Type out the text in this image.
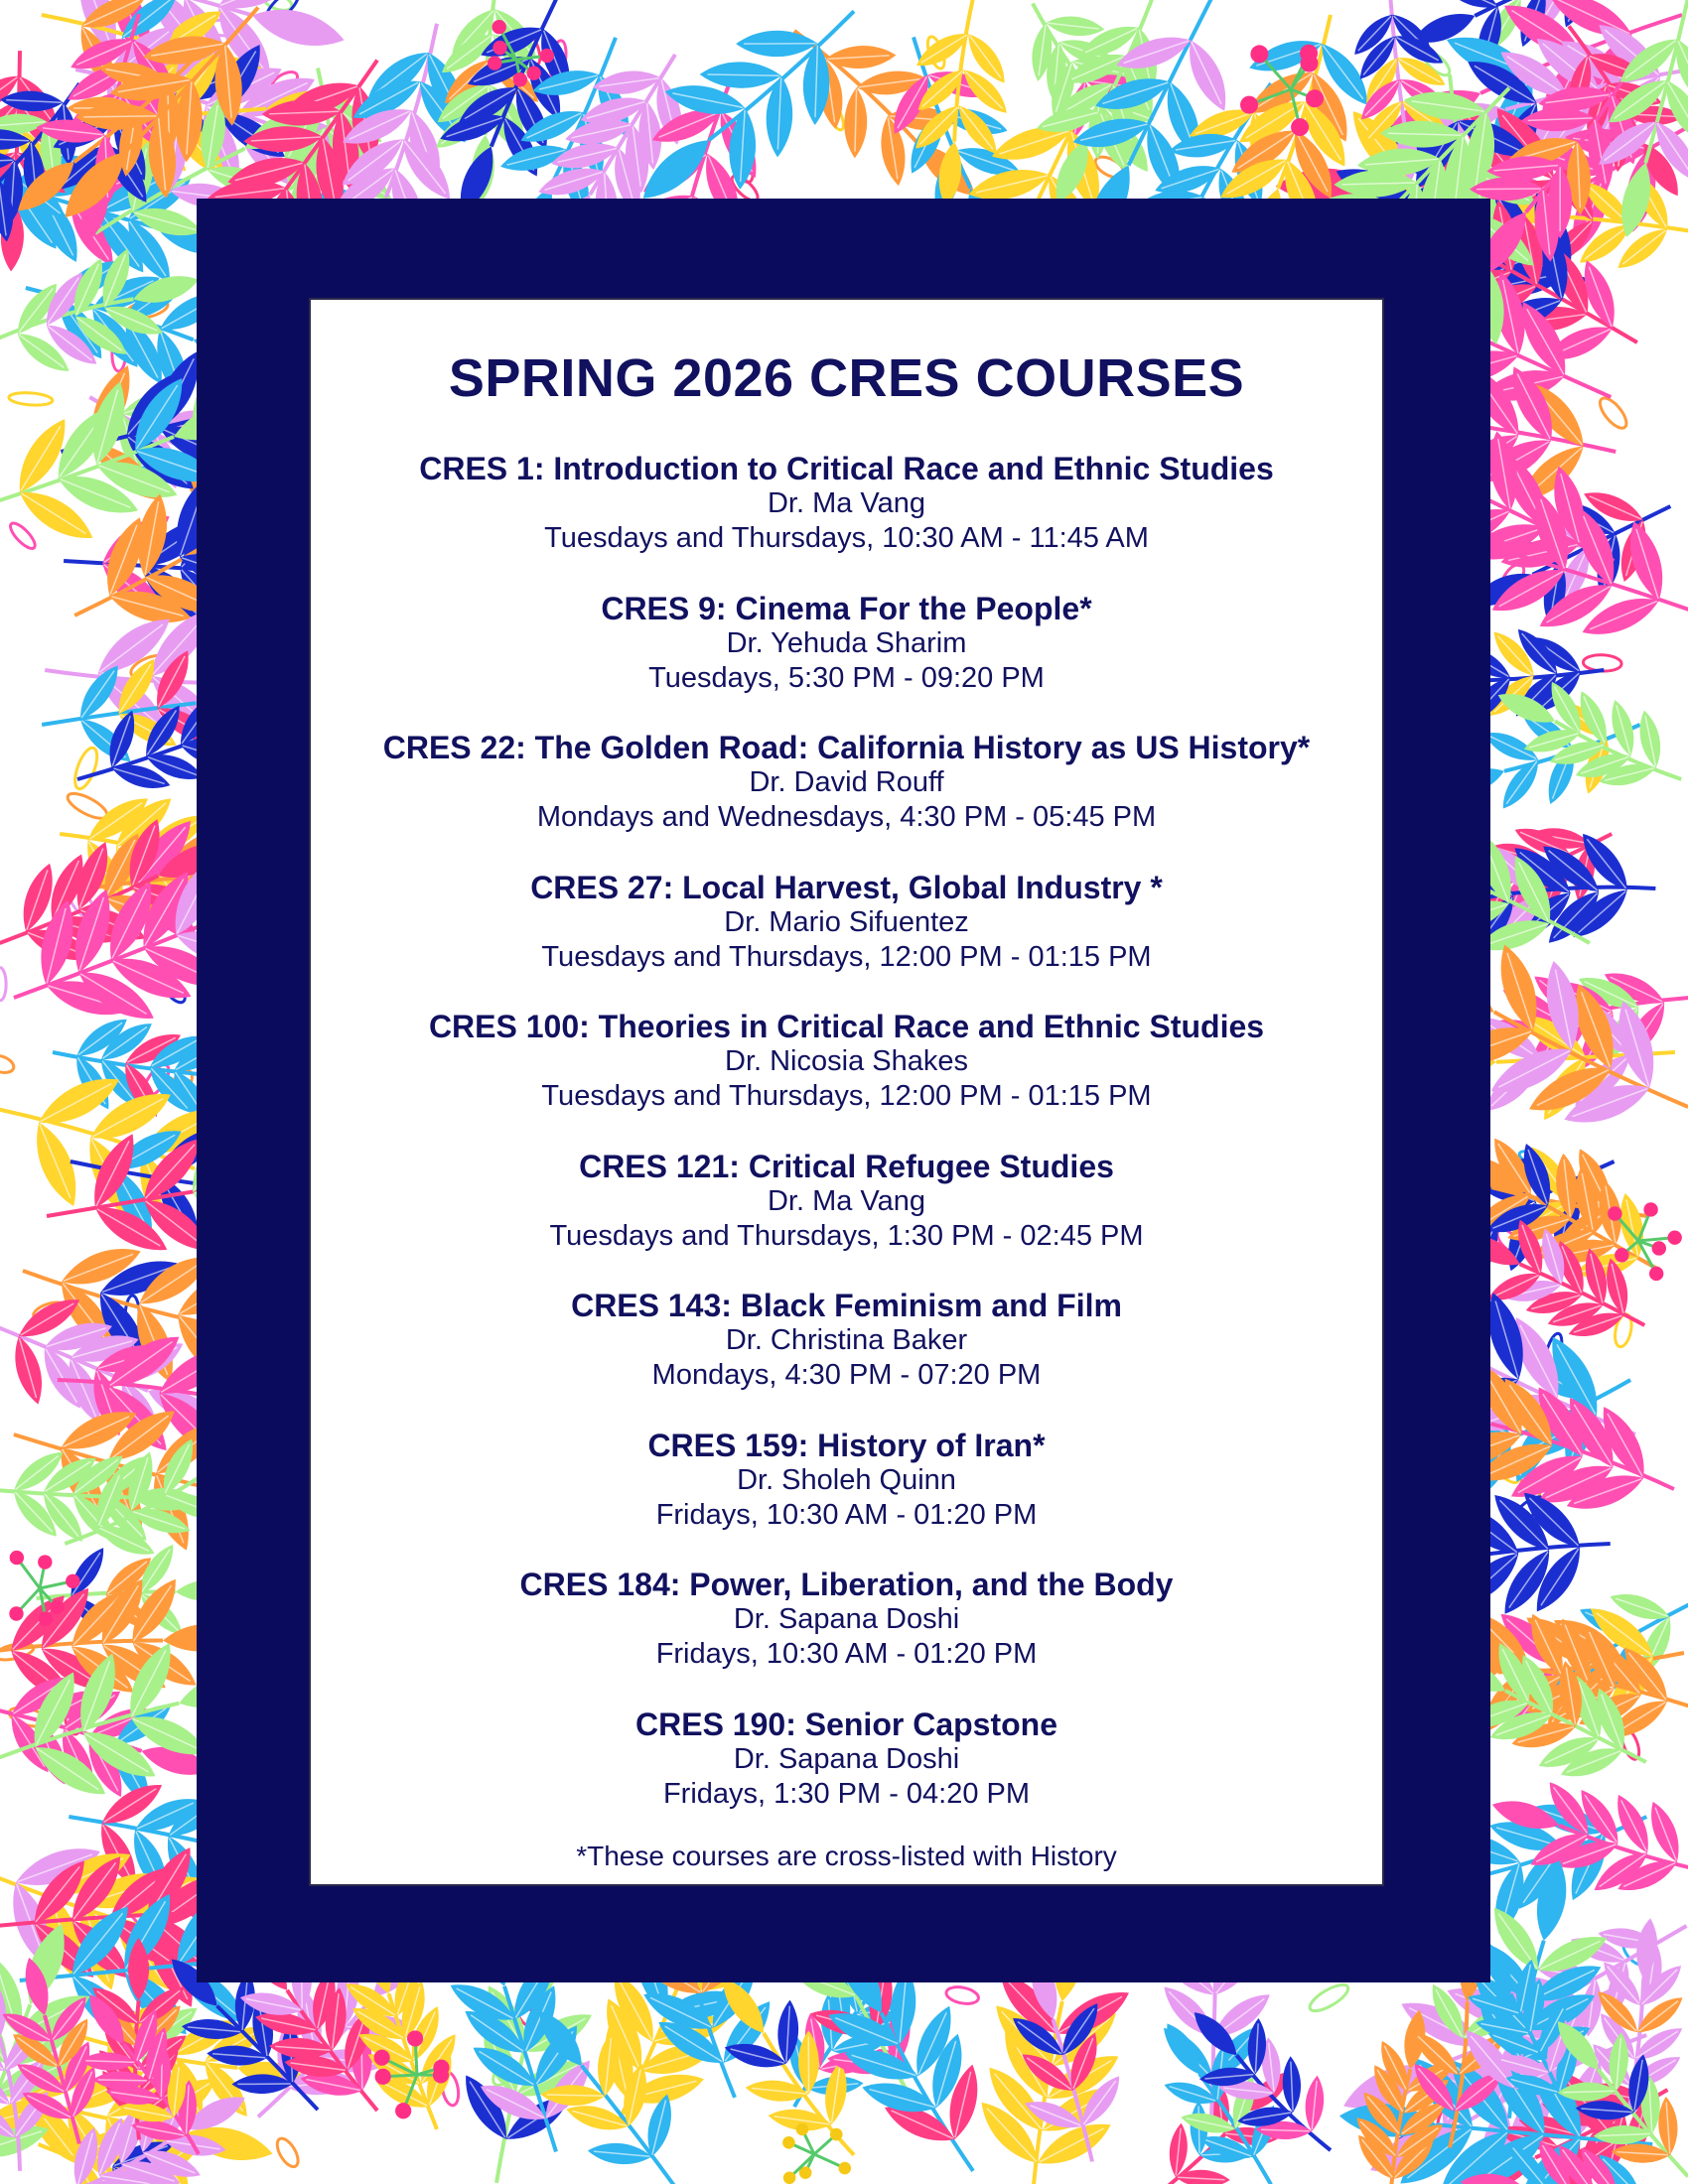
SPRING 2026 CRES COURSES
CRES 1: Introduction to Critical Race and Ethnic Studies
Dr. Ma Vang
Tuesdays and Thursdays, 10:30 AM - 11:45 AM
CRES 9: Cinema For the People*
Dr. Yehuda Sharim
Tuesdays, 5:30 PM - 09:20 PM
CRES 22: The Golden Road: California History as US History*
Dr. David Rouff
Mondays and Wednesdays, 4:30 PM - 05:45 PM
CRES 27: Local Harvest, Global Industry *
Dr. Mario Sifuentez
Tuesdays and Thursdays, 12:00 PM - 01:15 PM
CRES 100: Theories in Critical Race and Ethnic Studies
Dr. Nicosia Shakes
Tuesdays and Thursdays, 12:00 PM - 01:15 PM
CRES 121: Critical Refugee Studies
Dr. Ma Vang
Tuesdays and Thursdays, 1:30 PM - 02:45 PM
CRES 143: Black Feminism and Film
Dr. Christina Baker
Mondays, 4:30 PM - 07:20 PM
CRES 159: History of Iran*
Dr. Sholeh Quinn
Fridays, 10:30 AM - 01:20 PM
CRES 184: Power, Liberation, and the Body
Dr. Sapana Doshi
Fridays, 10:30 AM - 01:20 PM
CRES 190: Senior Capstone
Dr. Sapana Doshi
Fridays, 1:30 PM - 04:20 PM
*These courses are cross-listed with History
